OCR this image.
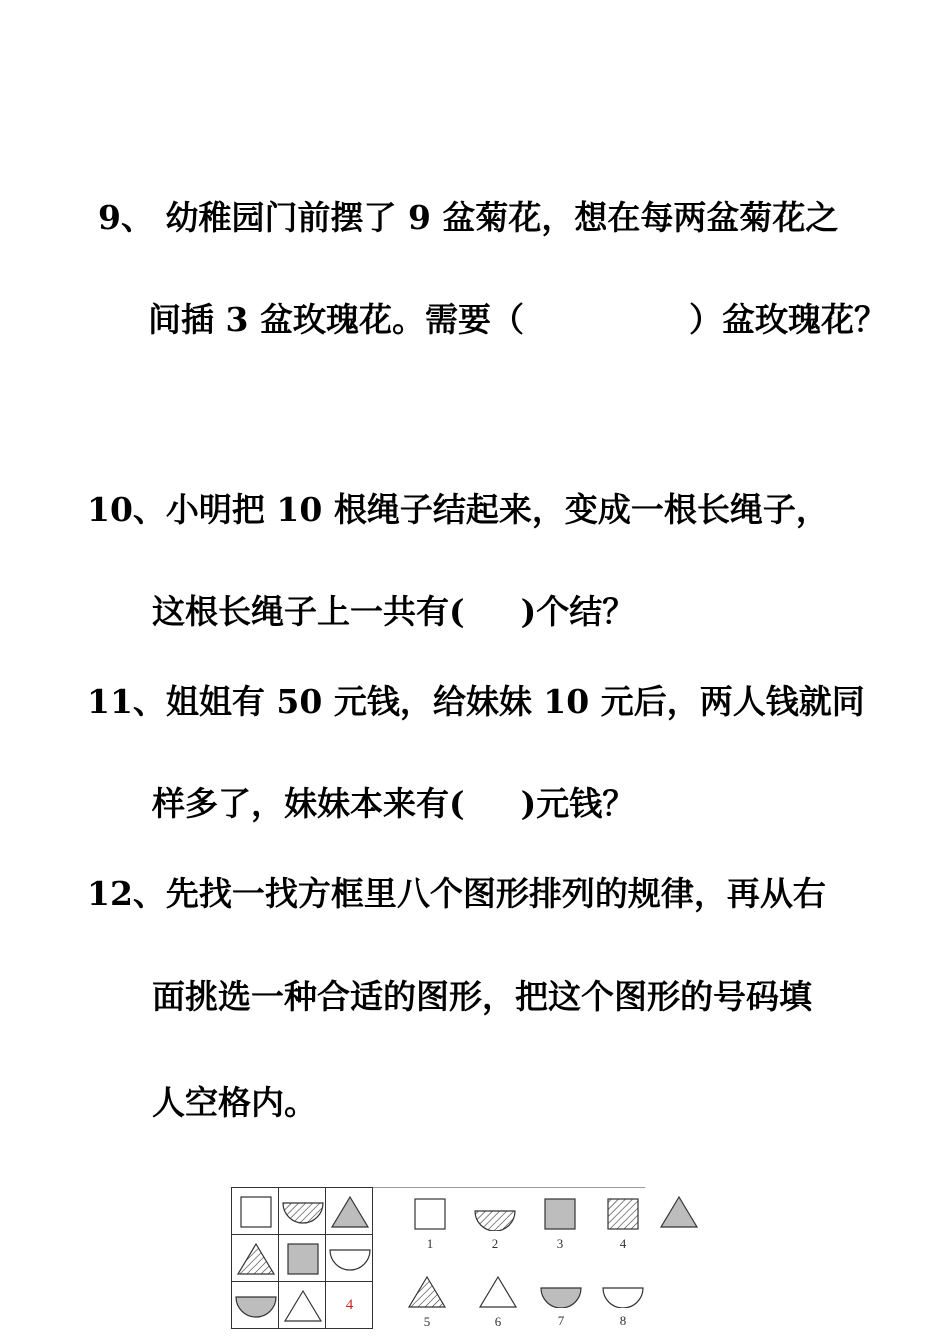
9、 幼稚园门前摆了 9 盆菊花，想在每两盆菊花之
间插 3 盆玫瑰花。需要（　　　　　）盆玫瑰花？
10、小明把 10 根绳子结起来，变成一根长绳子，
这根长绳子上一共有(　  )个结？
11、姐姐有 50 元钱，给妹妹 10 元后，两人钱就同
样多了，妹妹本来有(　  )元钱？
12、先找一找方框里八个图形排列的规律，再从右
面挑选一种合适的图形，把这个图形的号码填
人空格内。
4
1	2	3	4
5	6	7	8
